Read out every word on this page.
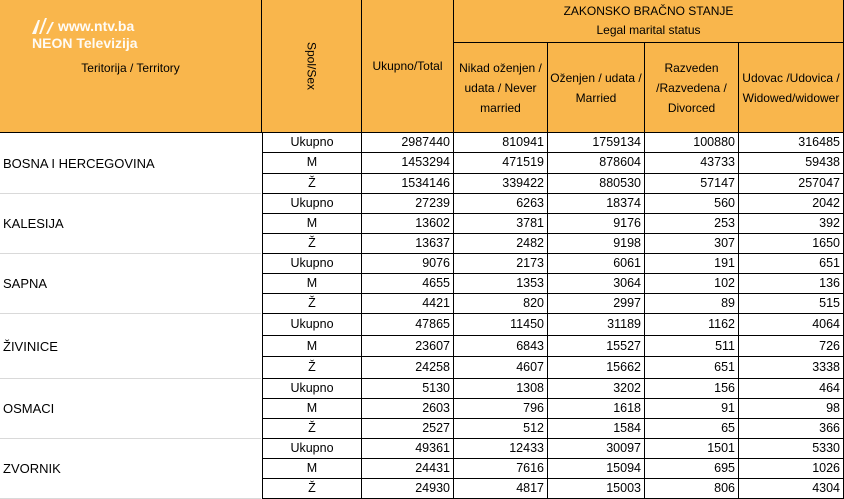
Teritorija / Territory
www.ntv.ba
NEON Televizija	Spol/Sex	Ukupno/Total
ZAKONSKO BRAČNO STANJE
Legal marital status
Nikad oženjen / udata / Never married
Oženjen / udata / Married
Razveden /Razvedena / Divorced
Udovac /Udovica / Widowed/widower
BOSNA I HERCEGOVINA
Ukupno	2987440	810941	1759134	100880	316485
M	1453294	471519	878604	43733	59438
Ž	1534146	339422	880530	57147	257047
KALESIJA
Ukupno	27239	6263	18374	560	2042
M	13602	3781	9176	253	392
Ž	13637	2482	9198	307	1650
SAPNA
Ukupno	9076	2173	6061	191	651
M	4655	1353	3064	102	136
Ž	4421	820	2997	89	515
ŽIVINICE
Ukupno	47865	11450	31189	1162	4064
M	23607	6843	15527	511	726
Ž	24258	4607	15662	651	3338
OSMACI
Ukupno	5130	1308	3202	156	464
M	2603	796	1618	91	98
Ž	2527	512	1584	65	366
ZVORNIK
Ukupno	49361	12433	30097	1501	5330
M	24431	7616	15094	695	1026
Ž	24930	4817	15003	806	4304
